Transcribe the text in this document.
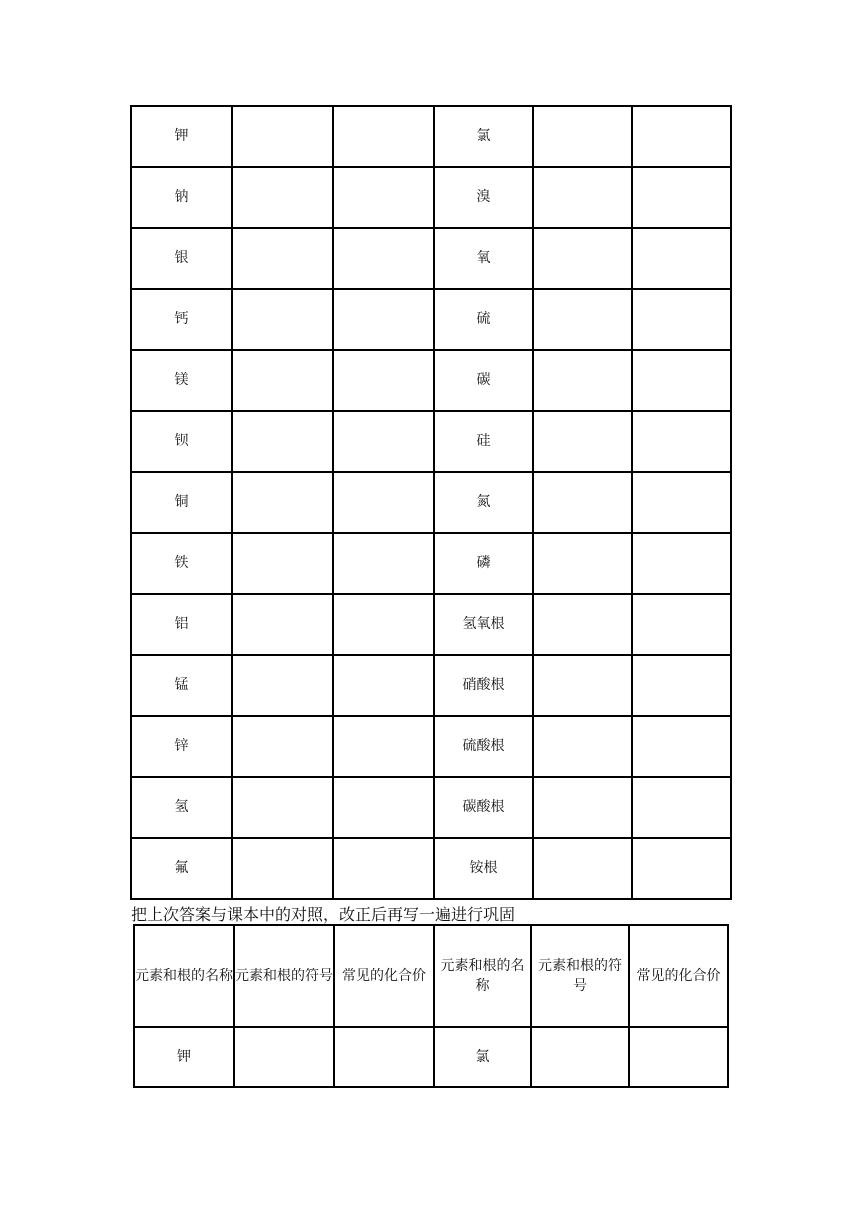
钾			氯		
钠			溴		
银			氧		
钙			硫		
镁			碳		
钡			硅		
铜			氮		
铁			磷		
铝			氢氧根		
锰			硝酸根		
锌			硫酸根		
氢			碳酸根		
氟			铵根		
把上次答案与课本中的对照，改正后再写一遍进行巩固
元素和根的名称	元素和根的符号	常见的化合价	元素和根的名称	元素和根的符号	常见的化合价
钾			氯		
